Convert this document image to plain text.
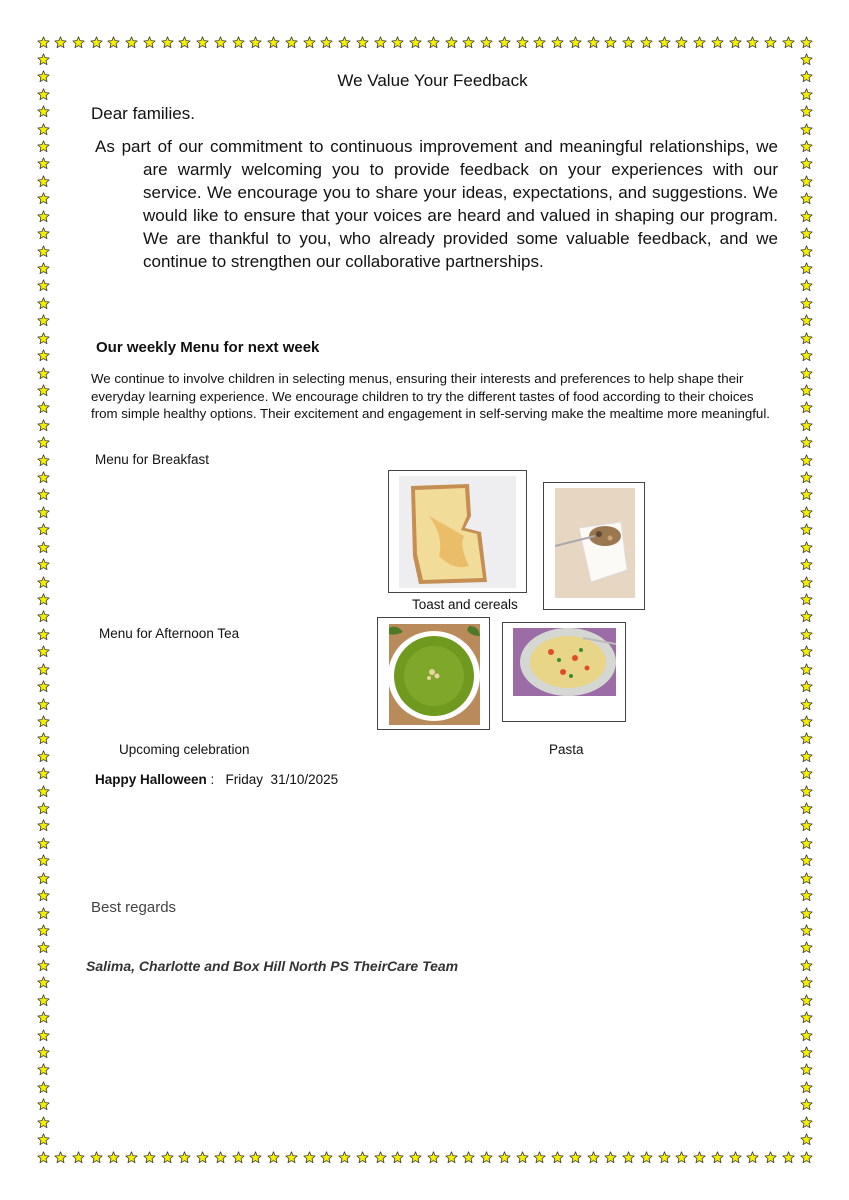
We Value Your Feedback
Dear families.

As part of our commitment to continuous improvement and meaningful relationships, we are warmly welcoming you to provide feedback on your experiences with our service. We encourage you to share your ideas, expectations, and suggestions. We would like to ensure that your voices are heard and valued in shaping our program. We are thankful to you, who already provided some valuable feedback, and we continue to strengthen our collaborative partnerships.

Our weekly Menu for next week
We continue to involve children in selecting menus, ensuring their interests and preferences to help shape their everyday learning experience. We encourage children to try the different tastes of food according to their choices from simple healthy options. Their excitement and engagement in self-serving make the mealtime more meaningful.
Menu for Breakfast
Toast and cereals
Menu for Afternoon Tea
Upcoming celebration	Pasta
Happy Halloween :   Friday  31/10/2025
Best regards
Salima, Charlotte and Box Hill North PS TheirCare Team
